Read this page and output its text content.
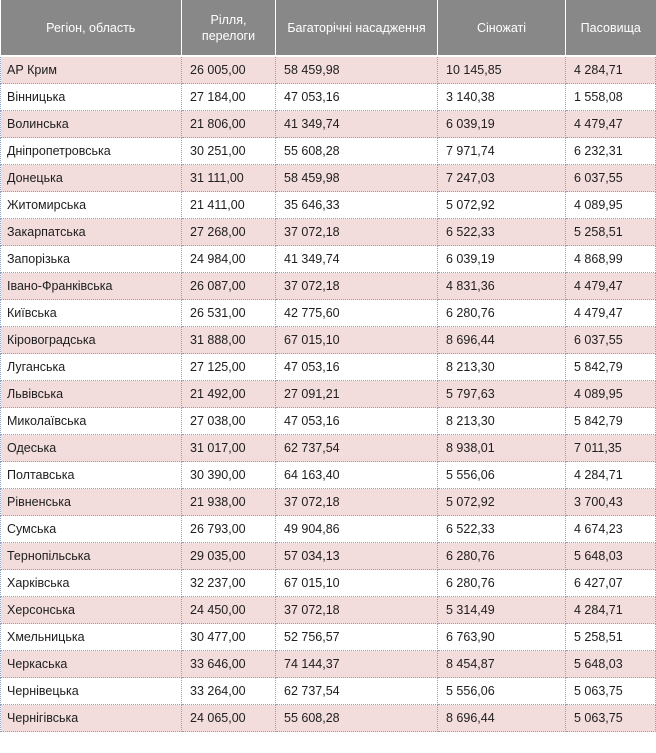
Регіон, область	Рілля, перелоги	Багаторічні насадження	Сіножаті	Пасовища
АР Крим	26 005,00	58 459,98	10 145,85	4 284,71
Вінницька	27 184,00	47 053,16	3 140,38	1 558,08
Волинська	21 806,00	41 349,74	6 039,19	4 479,47
Дніпропетровська	30 251,00	55 608,28	7 971,74	6 232,31
Донецька	31 111,00	58 459,98	7 247,03	6 037,55
Житомирська	21 411,00	35 646,33	5 072,92	4 089,95
Закарпатська	27 268,00	37 072,18	6 522,33	5 258,51
Запорізька	24 984,00	41 349,74	6 039,19	4 868,99
Івано-Франківська	26 087,00	37 072,18	4 831,36	4 479,47
Київська	26 531,00	42 775,60	6 280,76	4 479,47
Кіровоградська	31 888,00	67 015,10	8 696,44	6 037,55
Луганська	27 125,00	47 053,16	8 213,30	5 842,79
Львівська	21 492,00	27 091,21	5 797,63	4 089,95
Миколаївська	27 038,00	47 053,16	8 213,30	5 842,79
Одеська	31 017,00	62 737,54	8 938,01	7 011,35
Полтавська	30 390,00	64 163,40	5 556,06	4 284,71
Рівненська	21 938,00	37 072,18	5 072,92	3 700,43
Сумська	26 793,00	49 904,86	6 522,33	4 674,23
Тернопільська	29 035,00	57 034,13	6 280,76	5 648,03
Харківська	32 237,00	67 015,10	6 280,76	6 427,07
Херсонська	24 450,00	37 072,18	5 314,49	4 284,71
Хмельницька	30 477,00	52 756,57	6 763,90	5 258,51
Черкаська	33 646,00	74 144,37	8 454,87	5 648,03
Чернівецька	33 264,00	62 737,54	5 556,06	5 063,75
Чернігівська	24 065,00	55 608,28	8 696,44	5 063,75
